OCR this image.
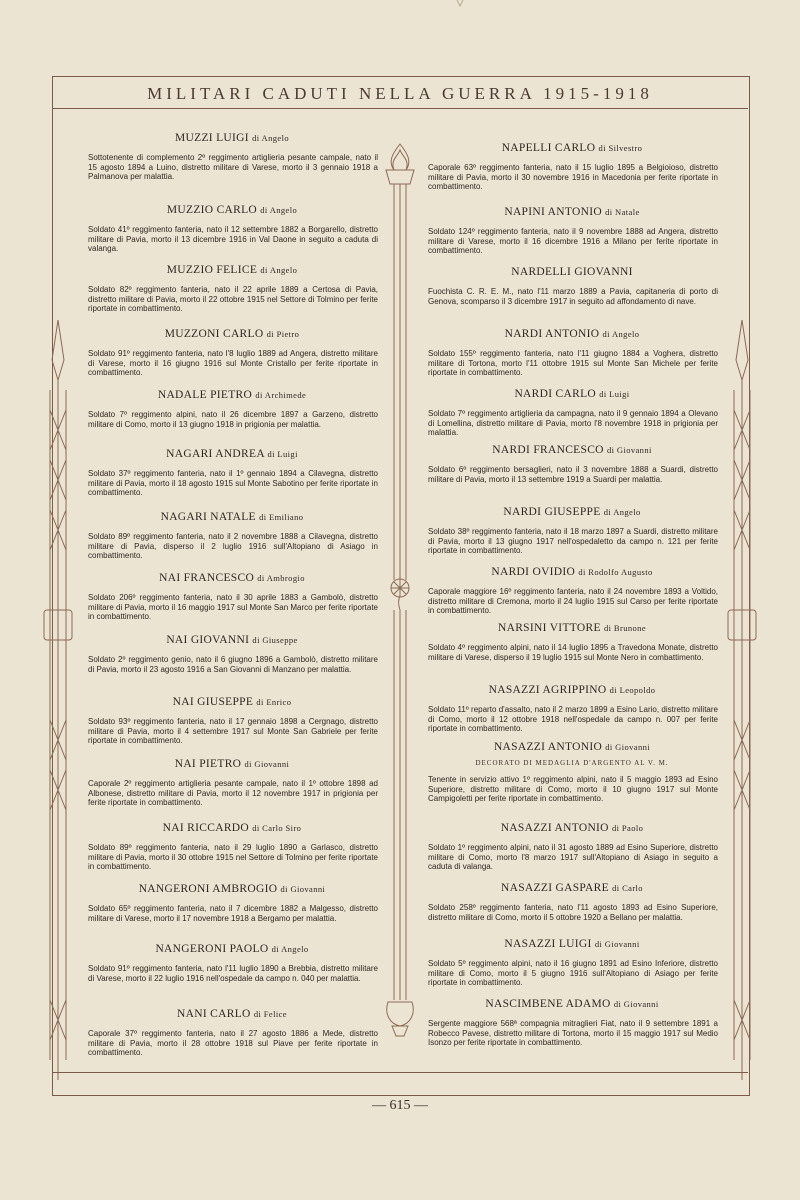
MILITARI CADUTI NELLA GUERRA 1915-1918
MUZZI LUIGI di Angelo
Sottotenente di complemento 2º reggimento artiglieria pesante campale, nato il 15 agosto 1894 a Luino, distretto militare di Varese, morto il 3 gennaio 1918 a Palmanova per malattia.
MUZZIO CARLO di Angelo
Soldato 41º reggimento fanteria, nato il 12 settembre 1882 a Borgarello, distretto militare di Pavia, morto il 13 dicembre 1916 in Val Daone in seguito a caduta di valanga.
MUZZIO FELICE di Angelo
Soldato 82º reggimento fanteria, nato il 22 aprile 1889 a Certosa di Pavia, distretto militare di Pavia, morto il 22 ottobre 1915 nel Settore di Tolmino per ferite riportate in combattimento.
MUZZONI CARLO di Pietro
Soldato 91º reggimento fanteria, nato l'8 luglio 1889 ad Angera, distretto militare di Varese, morto il 16 giugno 1916 sul Monte Cristallo per ferite riportate in combattimento.
NADALE PIETRO di Archimede
Soldato 7º reggimento alpini, nato il 26 dicembre 1897 a Garzeno, distretto militare di Como, morto il 13 giugno 1918 in prigionia per malattia.
NAGARI ANDREA di Luigi
Soldato 37º reggimento fanteria, nato il 1º gennaio 1894 a Cilavegna, distretto militare di Pavia, morto il 18 agosto 1915 sul Monte Sabotino per ferite riportate in combattimento.
NAGARI NATALE di Emiliano
Soldato 89º reggimento fanteria, nato il 2 novembre 1888 a Cilavegna, distretto militare di Pavia, disperso il 2 luglio 1916 sull'Altopiano di Asiago in combattimento.
NAI FRANCESCO di Ambrogio
Soldato 206º reggimento fanteria, nato il 30 aprile 1883 a Gambolò, distretto militare di Pavia, morto il 16 maggio 1917 sul Monte San Marco per ferite riportate in combattimento.
NAI GIOVANNI di Giuseppe
Soldato 2º reggimento genio, nato il 6 giugno 1896 a Gambolò, distretto militare di Pavia, morto il 23 agosto 1916 a San Giovanni di Manzano per malattia.
NAI GIUSEPPE di Enrico
Soldato 93º reggimento fanteria, nato il 17 gennaio 1898 a Cergnago, distretto militare di Pavia, morto il 4 settembre 1917 sul Monte San Gabriele per ferite riportate in combattimento.
NAI PIETRO di Giovanni
Caporale 2º reggimento artiglieria pesante campale, nato il 1º ottobre 1898 ad Albonese, distretto militare di Pavia, morto il 12 novembre 1917 in prigionia per ferite riportate in combattimento.
NAI RICCARDO di Carlo Siro
Soldato 89º reggimento fanteria, nato il 29 luglio 1890 a Garlasco, distretto militare di Pavia, morto il 30 ottobre 1915 nel Settore di Tolmino per ferite riportate in combattimento.
NANGERONI AMBROGIO di Giovanni
Soldato 65º reggimento fanteria, nato il 7 dicembre 1882 a Malgesso, distretto militare di Varese, morto il 17 novembre 1918 a Bergamo per malattia.
NANGERONI PAOLO di Angelo
Soldato 91º reggimento fanteria, nato l'11 luglio 1890 a Brebbia, distretto militare di Varese, morto il 22 luglio 1916 nell'ospedale da campo n. 040 per malattia.
NANI CARLO di Felice
Caporale 37º reggimento fanteria, nato il 27 agosto 1886 a Mede, distretto militare di Pavia, morto il 28 ottobre 1918 sul Piave per ferite riportate in combattimento.
NAPELLI CARLO di Silvestro
Caporale 63º reggimento fanteria, nato il 15 luglio 1895 a Belgioioso, distretto militare di Pavia, morto il 30 novembre 1916 in Macedonia per ferite riportate in combattimento.
NAPINI ANTONIO di Natale
Soldato 124º reggimento fanteria, nato il 9 novembre 1888 ad Angera, distretto militare di Varese, morto il 16 dicembre 1916 a Milano per ferite riportate in combattimento.
NARDELLI GIOVANNI
Fuochista C. R. E. M., nato l'11 marzo 1889 a Pavia, capitaneria di porto di Genova, scomparso il 3 dicembre 1917 in seguito ad affondamento di nave.
NARDI ANTONIO di Angelo
Soldato 155º reggimento fanteria, nato l'11 giugno 1884 a Voghera, distretto militare di Tortona, morto l'11 ottobre 1915 sul Monte San Michele per ferite riportate in combattimento.
NARDI CARLO di Luigi
Soldato 7º reggimento artiglieria da campagna, nato il 9 gennaio 1894 a Olevano di Lomellina, distretto militare di Pavia, morto l'8 novembre 1918 in prigionia per malattia.
NARDI FRANCESCO di Giovanni
Soldato 6º reggimento bersaglieri, nato il 3 novembre 1888 a Suardi, distretto militare di Pavia, morto il 13 settembre 1919 a Suardi per malattia.
NARDI GIUSEPPE di Angelo
Soldato 38º reggimento fanteria, nato il 18 marzo 1897 a Suardi, distretto militare di Pavia, morto il 13 giugno 1917 nell'ospedaletto da campo n. 121 per ferite riportate in combattimento.
NARDI OVIDIO di Rodolfo Augusto
Caporale maggiore 16º reggimento fanteria, nato il 24 novembre 1893 a Voltido, distretto militare di Cremona, morto il 24 luglio 1915 sul Carso per ferite riportate in combattimento.
NARSINI VITTORE di Brunone
Soldato 4º reggimento alpini, nato il 14 luglio 1895 a Travedona Monate, distretto militare di Varese, disperso il 19 luglio 1915 sul Monte Nero in combattimento.
NASAZZI AGRIPPINO di Leopoldo
Soldato 11º reparto d'assalto, nato il 2 marzo 1899 a Esino Lario, distretto militare di Como, morto il 12 ottobre 1918 nell'ospedale da campo n. 007 per ferite riportate in combattimento.
NASAZZI ANTONIO di Giovanni
DECORATO DI MEDAGLIA D'ARGENTO AL V. M.
Tenente in servizio attivo 1º reggimento alpini, nato il 5 maggio 1893 ad Esino Superiore, distretto militare di Como, morto il 10 giugno 1917 sul Monte Campigoletti per ferite riportate in combattimento.
NASAZZI ANTONIO di Paolo
Soldato 1º reggimento alpini, nato il 31 agosto 1889 ad Esino Superiore, distretto militare di Como, morto l'8 marzo 1917 sull'Altopiano di Asiago in seguito a caduta di valanga.
NASAZZI GASPARE di Carlo
Soldato 258º reggimento fanteria, nato l'11 agosto 1893 ad Esino Superiore, distretto militare di Como, morto il 5 ottobre 1920 a Bellano per malattia.
NASAZZI LUIGI di Giovanni
Soldato 5º reggimento alpini, nato il 16 giugno 1891 ad Esino Inferiore, distretto militare di Como, morto il 5 giugno 1916 sull'Altopiano di Asiago per ferite riportate in combattimento.
NASCIMBENE ADAMO di Giovanni
Sergente maggiore 568ª compagnia mitraglieri Fiat, nato il 9 settembre 1891 a Robecco Pavese, distretto militare di Tortona, morto il 15 maggio 1917 sul Medio Isonzo per ferite riportate in combattimento.
— 615 —
